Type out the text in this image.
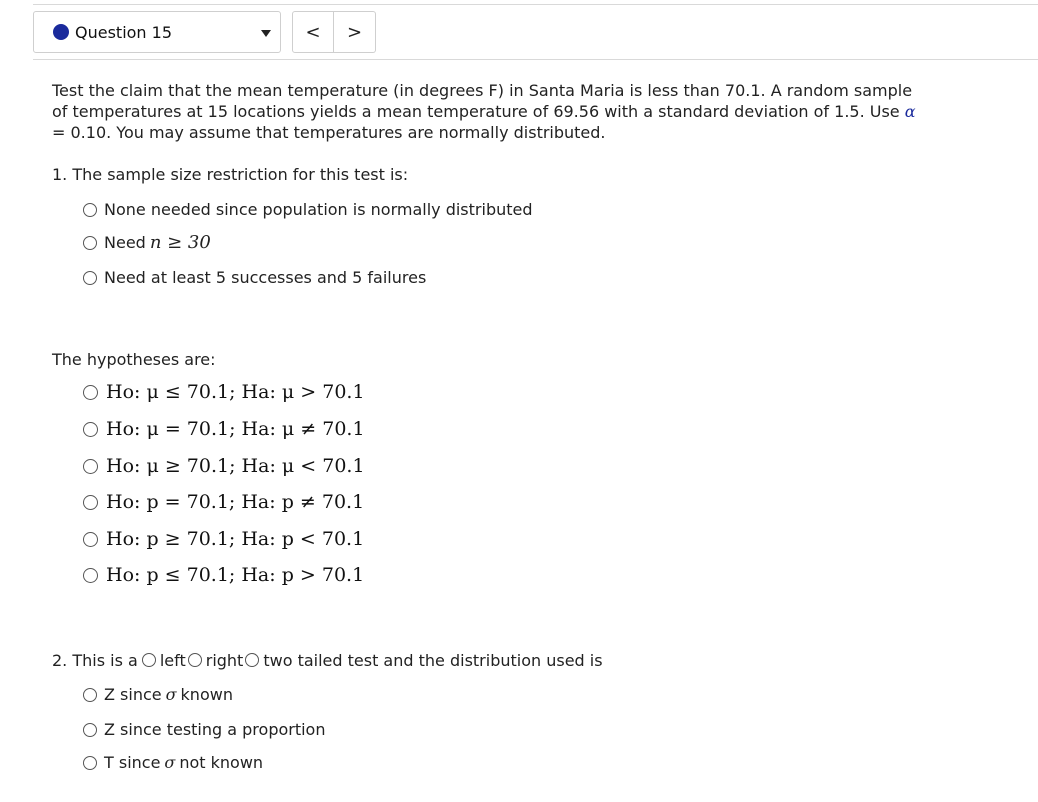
Question 15	<	>
Test the claim that the mean temperature (in degrees F) in Santa Maria is less than 70.1. A random sample
of temperatures at 15 locations yields a mean temperature of 69.56 with a standard deviation of 1.5. Use α
= 0.10. You may assume that temperatures are normally distributed.
1. The sample size restriction for this test is:
None needed since population is normally distributed
Need n ≥ 30
Need at least 5 successes and 5 failures
The hypotheses are:
Ho: μ ≤ 70.1; Ha: μ > 70.1
Ho: μ = 70.1; Ha: μ ≠ 70.1
Ho: μ ≥ 70.1; Ha: μ < 70.1
Ho: p = 70.1; Ha: p ≠ 70.1
Ho: p ≥ 70.1; Ha: p < 70.1
Ho: p ≤ 70.1; Ha: p > 70.1
2. This is a left right two tailed test and the distribution used is
Z since σ known
Z since testing a proportion
T since σ not known
